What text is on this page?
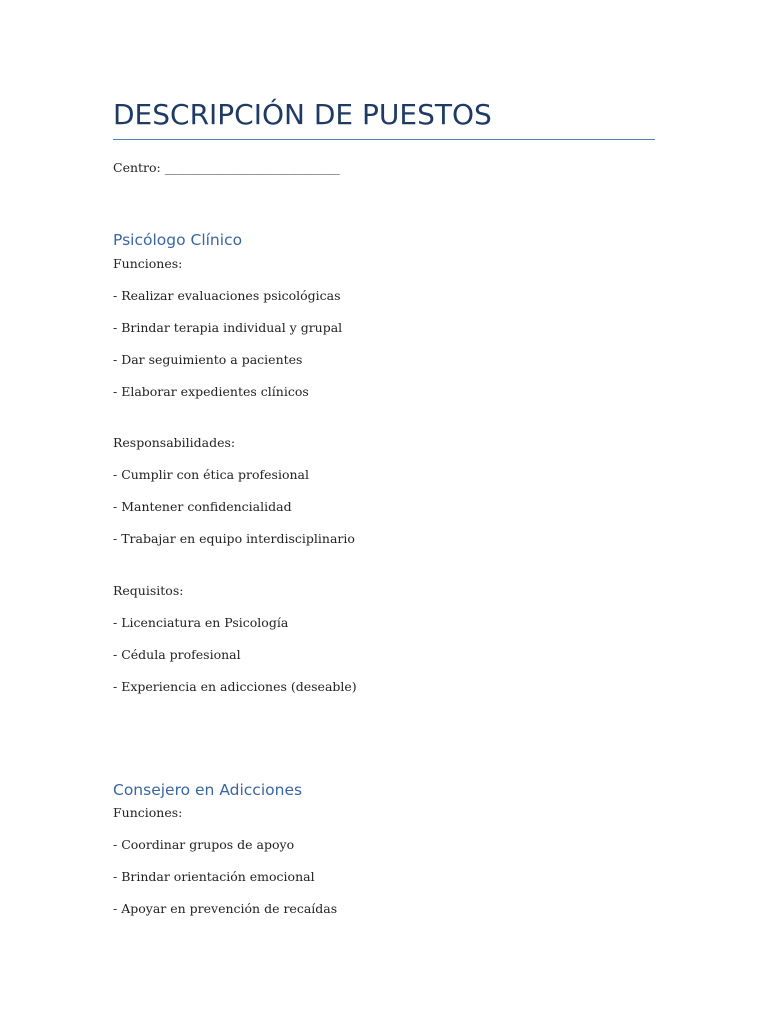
DESCRIPCIÓN DE PUESTOS

Centro: ____________________________

Psicólogo Clínico

Funciones:

- Realizar evaluaciones psicológicas

- Brindar terapia individual y grupal

- Dar seguimiento a pacientes

- Elaborar expedientes clínicos

Responsabilidades:

- Cumplir con ética profesional

- Mantener confidencialidad

- Trabajar en equipo interdisciplinario

Requisitos:

- Licenciatura en Psicología

- Cédula profesional

- Experiencia en adicciones (deseable)

Consejero en Adicciones

Funciones:

- Coordinar grupos de apoyo

- Brindar orientación emocional

- Apoyar en prevención de recaídas
